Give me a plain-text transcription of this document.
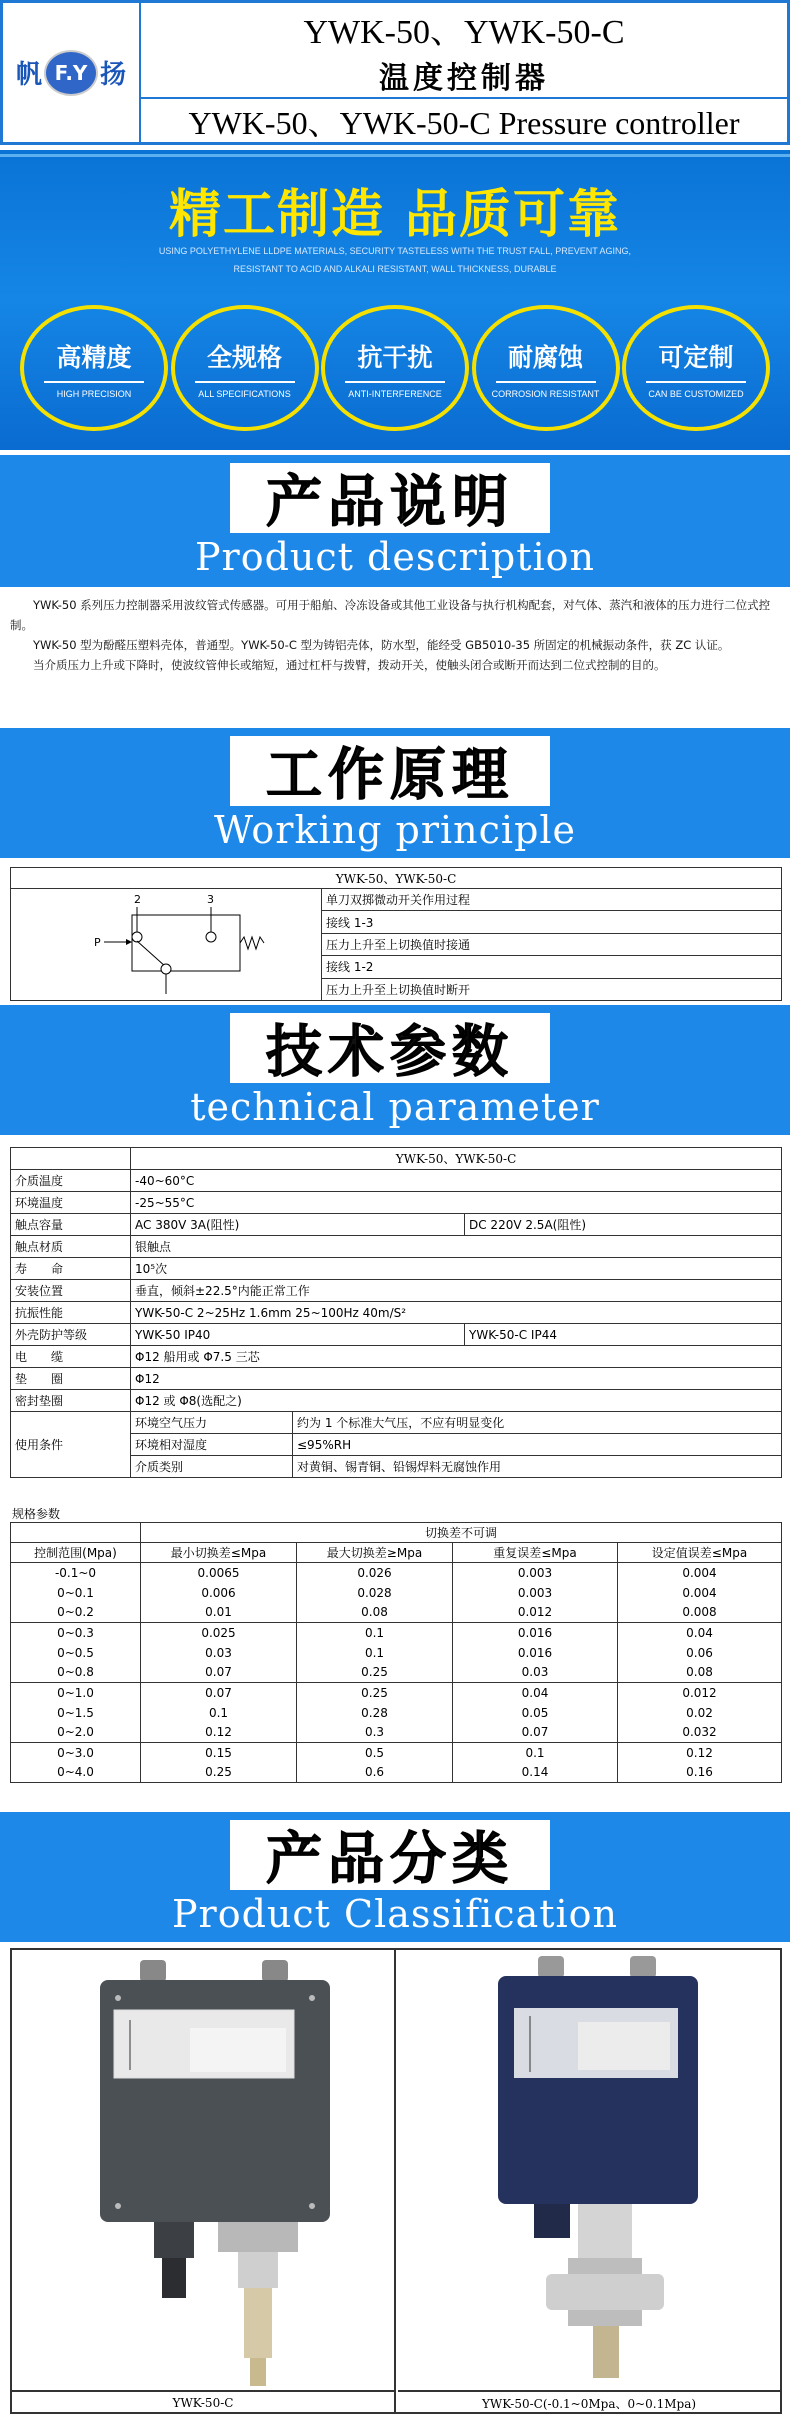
帆 F.Y 扬
YWK-50、YWK-50-C
温度控制器
YWK-50、YWK-50-C Pressure controller
精工制造 品质可靠
USING POLYETHYLENE LLDPE MATERIALS, SECURITY TASTELESS WITH THE TRUST FALL, PREVENT AGING,
RESISTANT TO ACID AND ALKALI RESISTANT, WALL THICKNESS, DURABLE
高精度
HIGH PRECISION
全规格
ALL SPECIFICATIONS
抗干扰
ANTI-INTERFERENCE
耐腐蚀
CORROSION RESISTANT
可定制
CAN BE CUSTOMIZED
产品说明
Product description

YWK-50 系列压力控制器采用波纹管式传感器。可用于船舶、冷冻设备或其他工业设备与执行机构配套，对气体、蒸汽和液体的压力进行二位式控制。

YWK-50 型为酚醛压塑料壳体，普通型。YWK-50-C 型为铸铝壳体，防水型，能经受 GB5010-35 所固定的机械振动条件，获 ZC 认证。

当介质压力上升或下降时，使波纹管伸长或缩短，通过杠杆与拨臂，拨动开关，使触头闭合或断开而达到二位式控制的目的。

工作原理
Working principle
YWK-50、YWK-50-C

2	3
P
	单刀双掷微动开关作用过程
接线 1-3
压力上升至上切换值时接通
接线 1-2
压力上升至上切换值时断开
技术参数
technical parameter
	YWK-50、YWK-50-C		
介质温度	-40~60°C		
环境温度	-25~55°C		
触点容量	AC 380V 3A(阻性)		DC 220V 2.5A(阻性)
触点材质	银触点		
寿　　命	10⁵次		
安装位置	垂直，倾斜±22.5°内能正常工作		
抗振性能	YWK-50-C 2~25Hz 1.6mm 25~100Hz 40m/S²		
外壳防护等级	YWK-50 IP40		YWK-50-C IP44
电　　缆	Φ12 船用或 Φ7.5 三芯		
垫　　圈	Φ12		
密封垫圈	Φ12 或 Φ8(选配之)		
使用条件	环境空气压力	约为 1 个标准大气压，不应有明显变化	
	环境相对湿度	≤95%RH	
	介质类别	对黄铜、锡青铜、铅锡焊料无腐蚀作用	
规格参数
	切换差不可调			
控制范围(Mpa)	最小切换差≤Mpa	最大切换差≥Mpa	重复误差≤Mpa	设定值误差≤Mpa
-0.1~0	0.0065	0.026	0.003	0.004
0~0.1	0.006	0.028	0.003	0.004
0~0.2	0.01	0.08	0.012	0.008
0~0.3	0.025	0.1	0.016	0.04
0~0.5	0.03	0.1	0.016	0.06
0~0.8	0.07	0.25	0.03	0.08
0~1.0	0.07	0.25	0.04	0.012
0~1.5	0.1	0.28	0.05	0.02
0~2.0	0.12	0.3	0.07	0.032
0~3.0	0.15	0.5	0.1	0.12
0~4.0	0.25	0.6	0.14	0.16
产品分类
Product Classification
YWK-50-C	YWK-50-C(-0.1~0Mpa、0~0.1Mpa)
